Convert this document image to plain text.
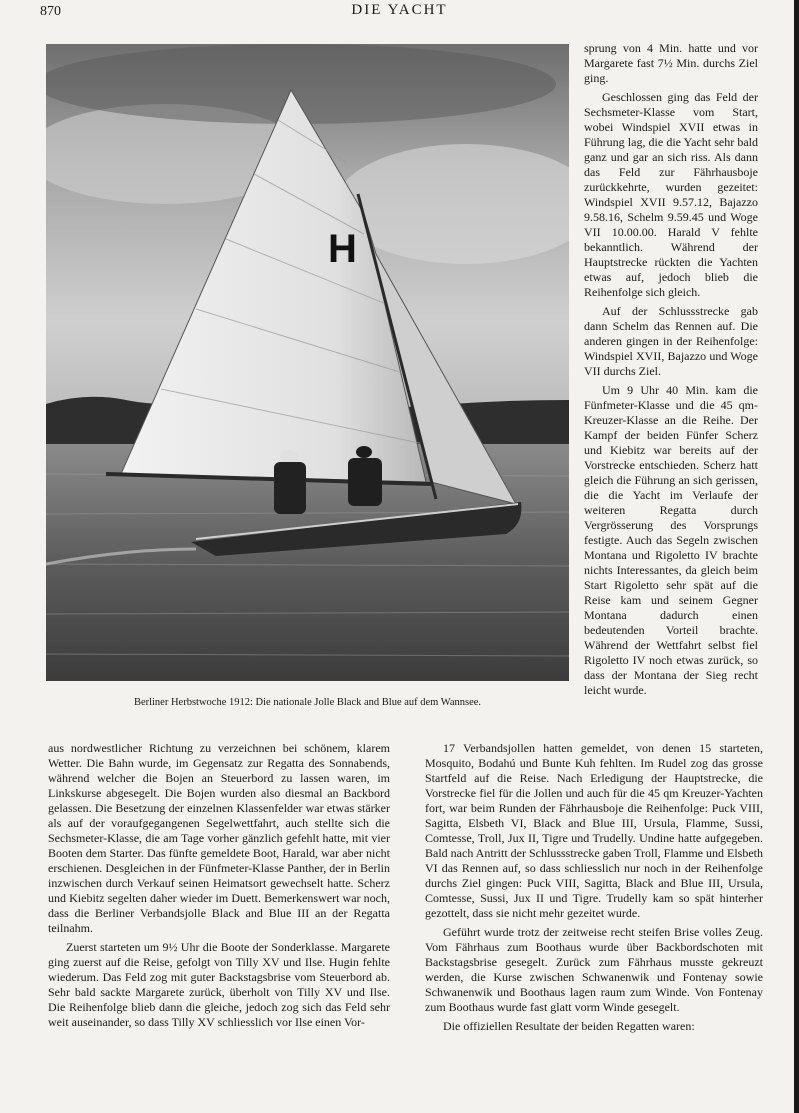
870	DIE YACHT
H
Berliner Herbstwoche 1912: Die nationale Jolle Black and Blue auf dem Wannsee.

sprung von 4 Min. hatte und vor Margarete fast 7½ Min. durchs Ziel ging.

Geschlossen ging das Feld der Sechsmeter-Klasse vom Start, wobei Windspiel XVII etwas in Führung lag, die die Yacht sehr bald ganz und gar an sich riss. Als dann das Feld zur Fährhausboje zurückkehrte, wurden gezeitet: Windspiel XVII 9.57.12, Bajazzo 9.58.16, Schelm 9.59.45 und Woge VII 10.00.00. Harald V fehlte bekanntlich. Während der Hauptstrecke rückten die Yachten etwas auf, jedoch blieb die Reihenfolge sich gleich.

Auf der Schlussstrecke gab dann Schelm das Rennen auf. Die anderen gingen in der Reihenfolge: Windspiel XVII, Bajazzo und Woge VII durchs Ziel.

Um 9 Uhr 40 Min. kam die Fünfmeter-Klasse und die 45 qm-Kreuzer-Klasse an die Reihe. Der Kampf der beiden Fünfer Scherz und Kiebitz war bereits auf der Vorstrecke entschieden. Scherz hatt gleich die Führung an sich gerissen, die die Yacht im Verlaufe der weiteren Regatta durch Vergrösserung des Vorsprungs festigte. Auch das Segeln zwischen Montana und Rigoletto IV brachte nichts Interessantes, da gleich beim Start Rigoletto sehr spät auf die Reise kam und seinem Gegner Montana dadurch einen bedeutenden Vorteil brachte. Während der Wettfahrt selbst fiel Rigoletto IV noch etwas zurück, so dass der Montana der Sieg recht leicht wurde.

aus nordwestlicher Richtung zu verzeichnen bei schönem, klarem Wetter. Die Bahn wurde, im Gegensatz zur Regatta des Sonnabends, während welcher die Bojen an Steuerbord zu lassen waren, im Linkskurse abgesegelt. Die Bojen wurden also diesmal an Backbord gelassen. Die Besetzung der einzelnen Klassenfelder war etwas stärker als auf der voraufgegangenen Segelwettfahrt, auch stellte sich die Sechsmeter-Klasse, die am Tage vorher gänzlich gefehlt hatte, mit vier Booten dem Starter. Das fünfte gemeldete Boot, Harald, war aber nicht erschienen. Desgleichen in der Fünfmeter-Klasse Panther, der in Berlin inzwischen durch Verkauf seinen Heimatsort gewechselt hatte. Scherz und Kiebitz segelten daher wieder im Duett. Bemerkenswert war noch, dass die Berliner Verbandsjolle Black and Blue III an der Regatta teilnahm.

Zuerst starteten um 9½ Uhr die Boote der Sonderklasse. Margarete ging zuerst auf die Reise, gefolgt von Tilly XV und Ilse. Hugin fehlte wiederum. Das Feld zog mit guter Backstagsbrise vom Steuerbord ab. Sehr bald sackte Margarete zurück, überholt von Tilly XV und Ilse. Die Reihenfolge blieb dann die gleiche, jedoch zog sich das Feld sehr weit auseinander, so dass Tilly XV schliesslich vor Ilse einen Vor-

17 Verbandsjollen hatten gemeldet, von denen 15 starteten, Mosquito, Bodahú und Bunte Kuh fehlten. Im Rudel zog das grosse Startfeld auf die Reise. Nach Erledigung der Hauptstrecke, die Vorstrecke fiel für die Jollen und auch für die 45 qm Kreuzer-Yachten fort, war beim Runden der Fährhausboje die Reihenfolge: Puck VIII, Sagitta, Elsbeth VI, Black and Blue III, Ursula, Flamme, Sussi, Comtesse, Troll, Jux II, Tigre und Trudelly. Undine hatte aufgegeben. Bald nach Antritt der Schlussstrecke gaben Troll, Flamme und Elsbeth VI das Rennen auf, so dass schliesslich nur noch in der Reihenfolge durchs Ziel gingen: Puck VIII, Sagitta, Black and Blue III, Ursula, Comtesse, Sussi, Jux II und Tigre. Trudelly kam so spät hinterher gezottelt, dass sie nicht mehr gezeitet wurde.

Geführt wurde trotz der zeitweise recht steifen Brise volles Zeug. Vom Fährhaus zum Boothaus wurde über Backbordschoten mit Backstagsbrise gesegelt. Zurück zum Fährhaus musste gekreuzt werden, die Kurse zwischen Schwanenwik und Fontenay sowie Schwanenwik und Boothaus lagen raum zum Winde. Von Fontenay zum Boothaus wurde fast glatt vorm Winde gesegelt.

Die offiziellen Resultate der beiden Regatten waren:
